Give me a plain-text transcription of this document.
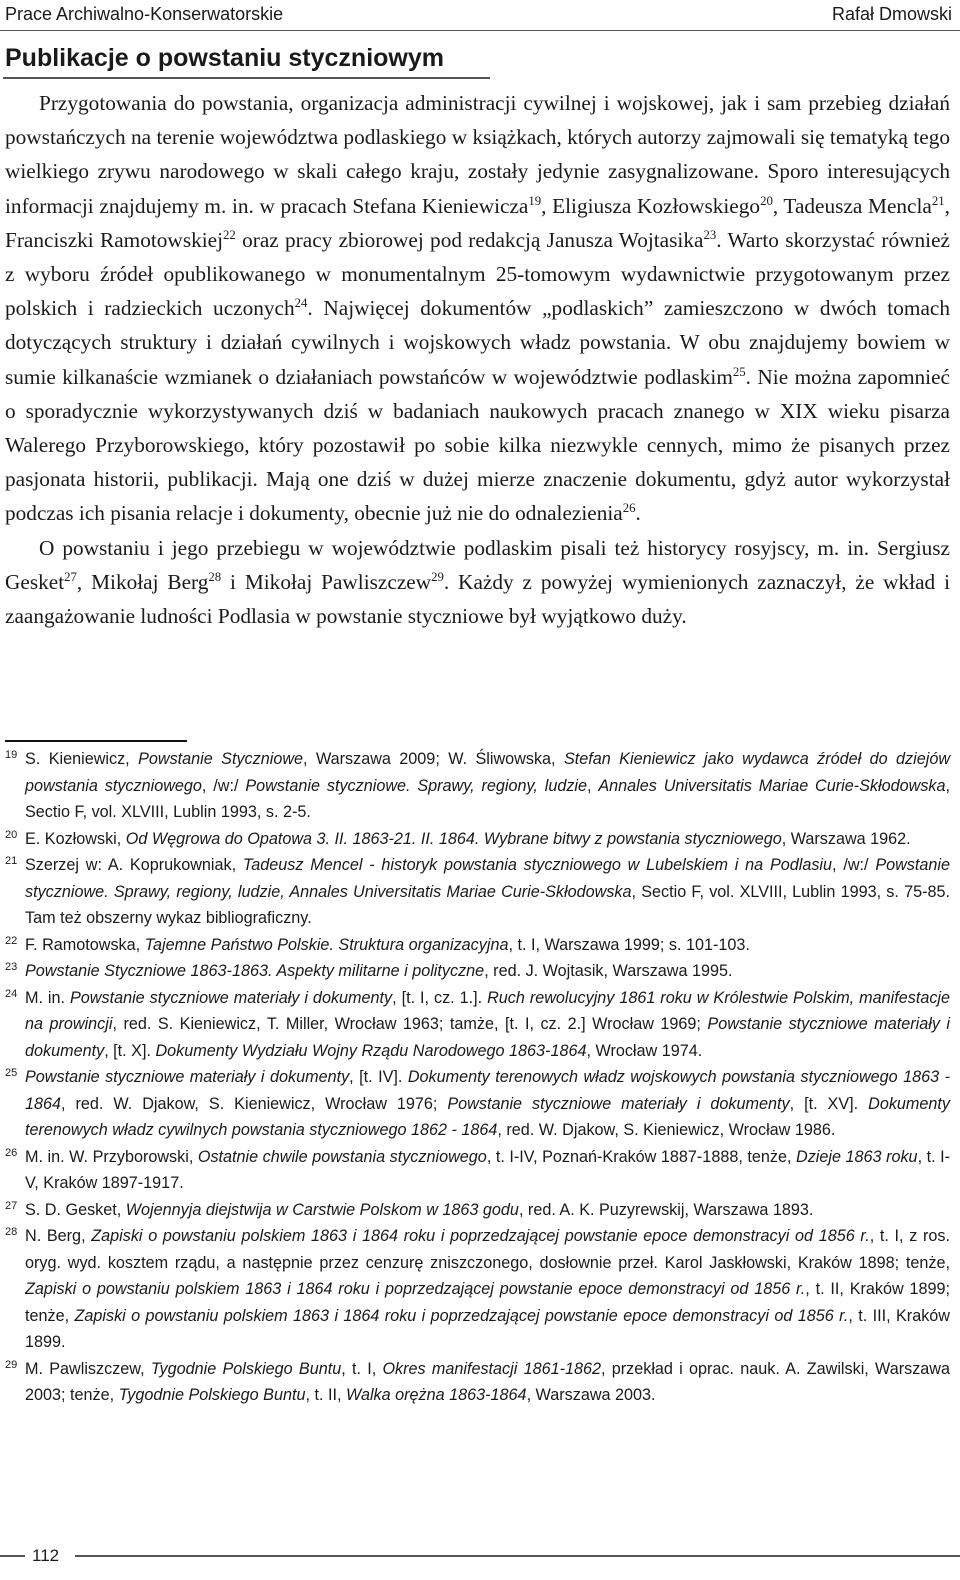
Prace Archiwalno-Konserwatorskie	Rafał Dmowski
Publikacje o powstaniu styczniowym

Przygotowania do powstania, organizacja administracji cywilnej i wojskowej, jak i sam przebieg działań powstańczych na terenie województwa podlaskiego w książkach, których autorzy zajmowali się tematyką tego wielkiego zrywu narodowego w skali całego kraju, zostały jedynie zasygnalizowane. Sporo interesujących informacji znajdujemy m. in. w pracach Stefana Kieniewicza$^{19}$, Eligiusza Kozłowskiego$^{20}$, Tadeusza Mencla$^{21}$, Franciszki Ramotowskiej$^{22}$ oraz pracy zbiorowej pod redakcją Janusza Wojtasika$^{23}$. Warto skorzystać również z wyboru źródeł opublikowanego w monumentalnym 25-tomowym wydawnictwie przygotowanym przez polskich i radzieckich uczonych$^{24}$. Najwięcej dokumentów „podlaskich” zamieszczono w dwóch tomach dotyczących struktury i działań cywilnych i wojskowych władz powstania. W obu znajdujemy bowiem w sumie kilkanaście wzmianek o działaniach powstańców w województwie podlaskim$^{25}$. Nie można zapomnieć o sporadycznie wykorzystywanych dziś w badaniach naukowych pracach znanego w XIX wieku pisarza Walerego Przyborowskiego, który pozostawił po sobie kilka niezwykle cennych, mimo że pisanych przez pasjonata historii, publikacji. Mają one dziś w dużej mierze znaczenie dokumentu, gdyż autor wykorzystał podczas ich pisania relacje i dokumenty, obecnie już nie do odnalezienia$^{26}$.

O powstaniu i jego przebiegu w województwie podlaskim pisali też historycy rosyjscy, m. in. Sergiusz Gesket$^{27}$, Mikołaj Berg$^{28}$ i Mikołaj Pawliszczew$^{29}$. Każdy z powyżej wymienionych zaznaczył, że wkład i zaangażowanie ludności Podlasia w powstanie styczniowe był wyjątkowo duży.

19 S. Kieniewicz, Powstanie Styczniowe, Warszawa 2009; W. Śliwowska, Stefan Kieniewicz jako wydawca źródeł do dziejów powstania styczniowego, /w:/ Powstanie styczniowe. Sprawy, regiony, ludzie, Annales Universitatis Mariae Curie-Skłodowska, Sectio F, vol. XLVIII, Lublin 1993, s. 2-5.
20 E. Kozłowski, Od Węgrowa do Opatowa 3. II. 1863-21. II. 1864. Wybrane bitwy z powstania styczniowego, Warszawa 1962.
21 Szerzej w: A. Koprukowniak, Tadeusz Mencel - historyk powstania styczniowego w Lubelskiem i na Podlasiu, /w:/ Powstanie styczniowe. Sprawy, regiony, ludzie, Annales Universitatis Mariae Curie-Skłodowska, Sectio F, vol. XLVIII, Lublin 1993, s. 75-85. Tam też obszerny wykaz bibliograficzny.
22 F. Ramotowska, Tajemne Państwo Polskie. Struktura organizacyjna, t. I, Warszawa 1999; s. 101-103.
23 Powstanie Styczniowe 1863-1863. Aspekty militarne i polityczne, red. J. Wojtasik, Warszawa 1995.
24 M. in. Powstanie styczniowe materiały i dokumenty, [t. I, cz. 1.]. Ruch rewolucyjny 1861 roku w Królestwie Polskim, manifestacje na prowincji, red. S. Kieniewicz, T. Miller, Wrocław 1963; tamże, [t. I, cz. 2.] Wrocław 1969; Powstanie styczniowe materiały i dokumenty, [t. X]. Dokumenty Wydziału Wojny Rządu Narodowego 1863-1864, Wrocław 1974.
25 Powstanie styczniowe materiały i dokumenty, [t. IV]. Dokumenty terenowych władz wojskowych powstania styczniowego 1863 - 1864, red. W. Djakow, S. Kieniewicz, Wrocław 1976; Powstanie styczniowe materiały i dokumenty, [t. XV]. Dokumenty terenowych władz cywilnych powstania styczniowego 1862 - 1864, red. W. Djakow, S. Kieniewicz, Wrocław 1986.
26 M. in. W. Przyborowski, Ostatnie chwile powstania styczniowego, t. I-IV, Poznań-Kraków 1887-1888, tenże, Dzieje 1863 roku, t. I-V, Kraków 1897-1917.
27 S. D. Gesket, Wojennyja diejstwija w Carstwie Polskom w 1863 godu, red. A. K. Puzyrewskij, Warszawa 1893.
28 N. Berg, Zapiski o powstaniu polskiem 1863 i 1864 roku i poprzedzającej powstanie epoce demonstracyi od 1856 r., t. I, z ros. oryg. wyd. kosztem rządu, a następnie przez cenzurę zniszczonego, dosłownie przeł. Karol Jaskłowski, Kraków 1898; tenże, Zapiski o powstaniu polskiem 1863 i 1864 roku i poprzedzającej powstanie epoce demonstracyi od 1856 r., t. II, Kraków 1899; tenże, Zapiski o powstaniu polskiem 1863 i 1864 roku i poprzedzającej powstanie epoce demonstracyi od 1856 r., t. III, Kraków 1899.
29 M. Pawliszczew, Tygodnie Polskiego Buntu, t. I, Okres manifestacji 1861-1862, przekład i oprac. nauk. A. Zawilski, Warszawa 2003; tenże, Tygodnie Polskiego Buntu, t. II, Walka orężna 1863-1864, Warszawa 2003.
112
